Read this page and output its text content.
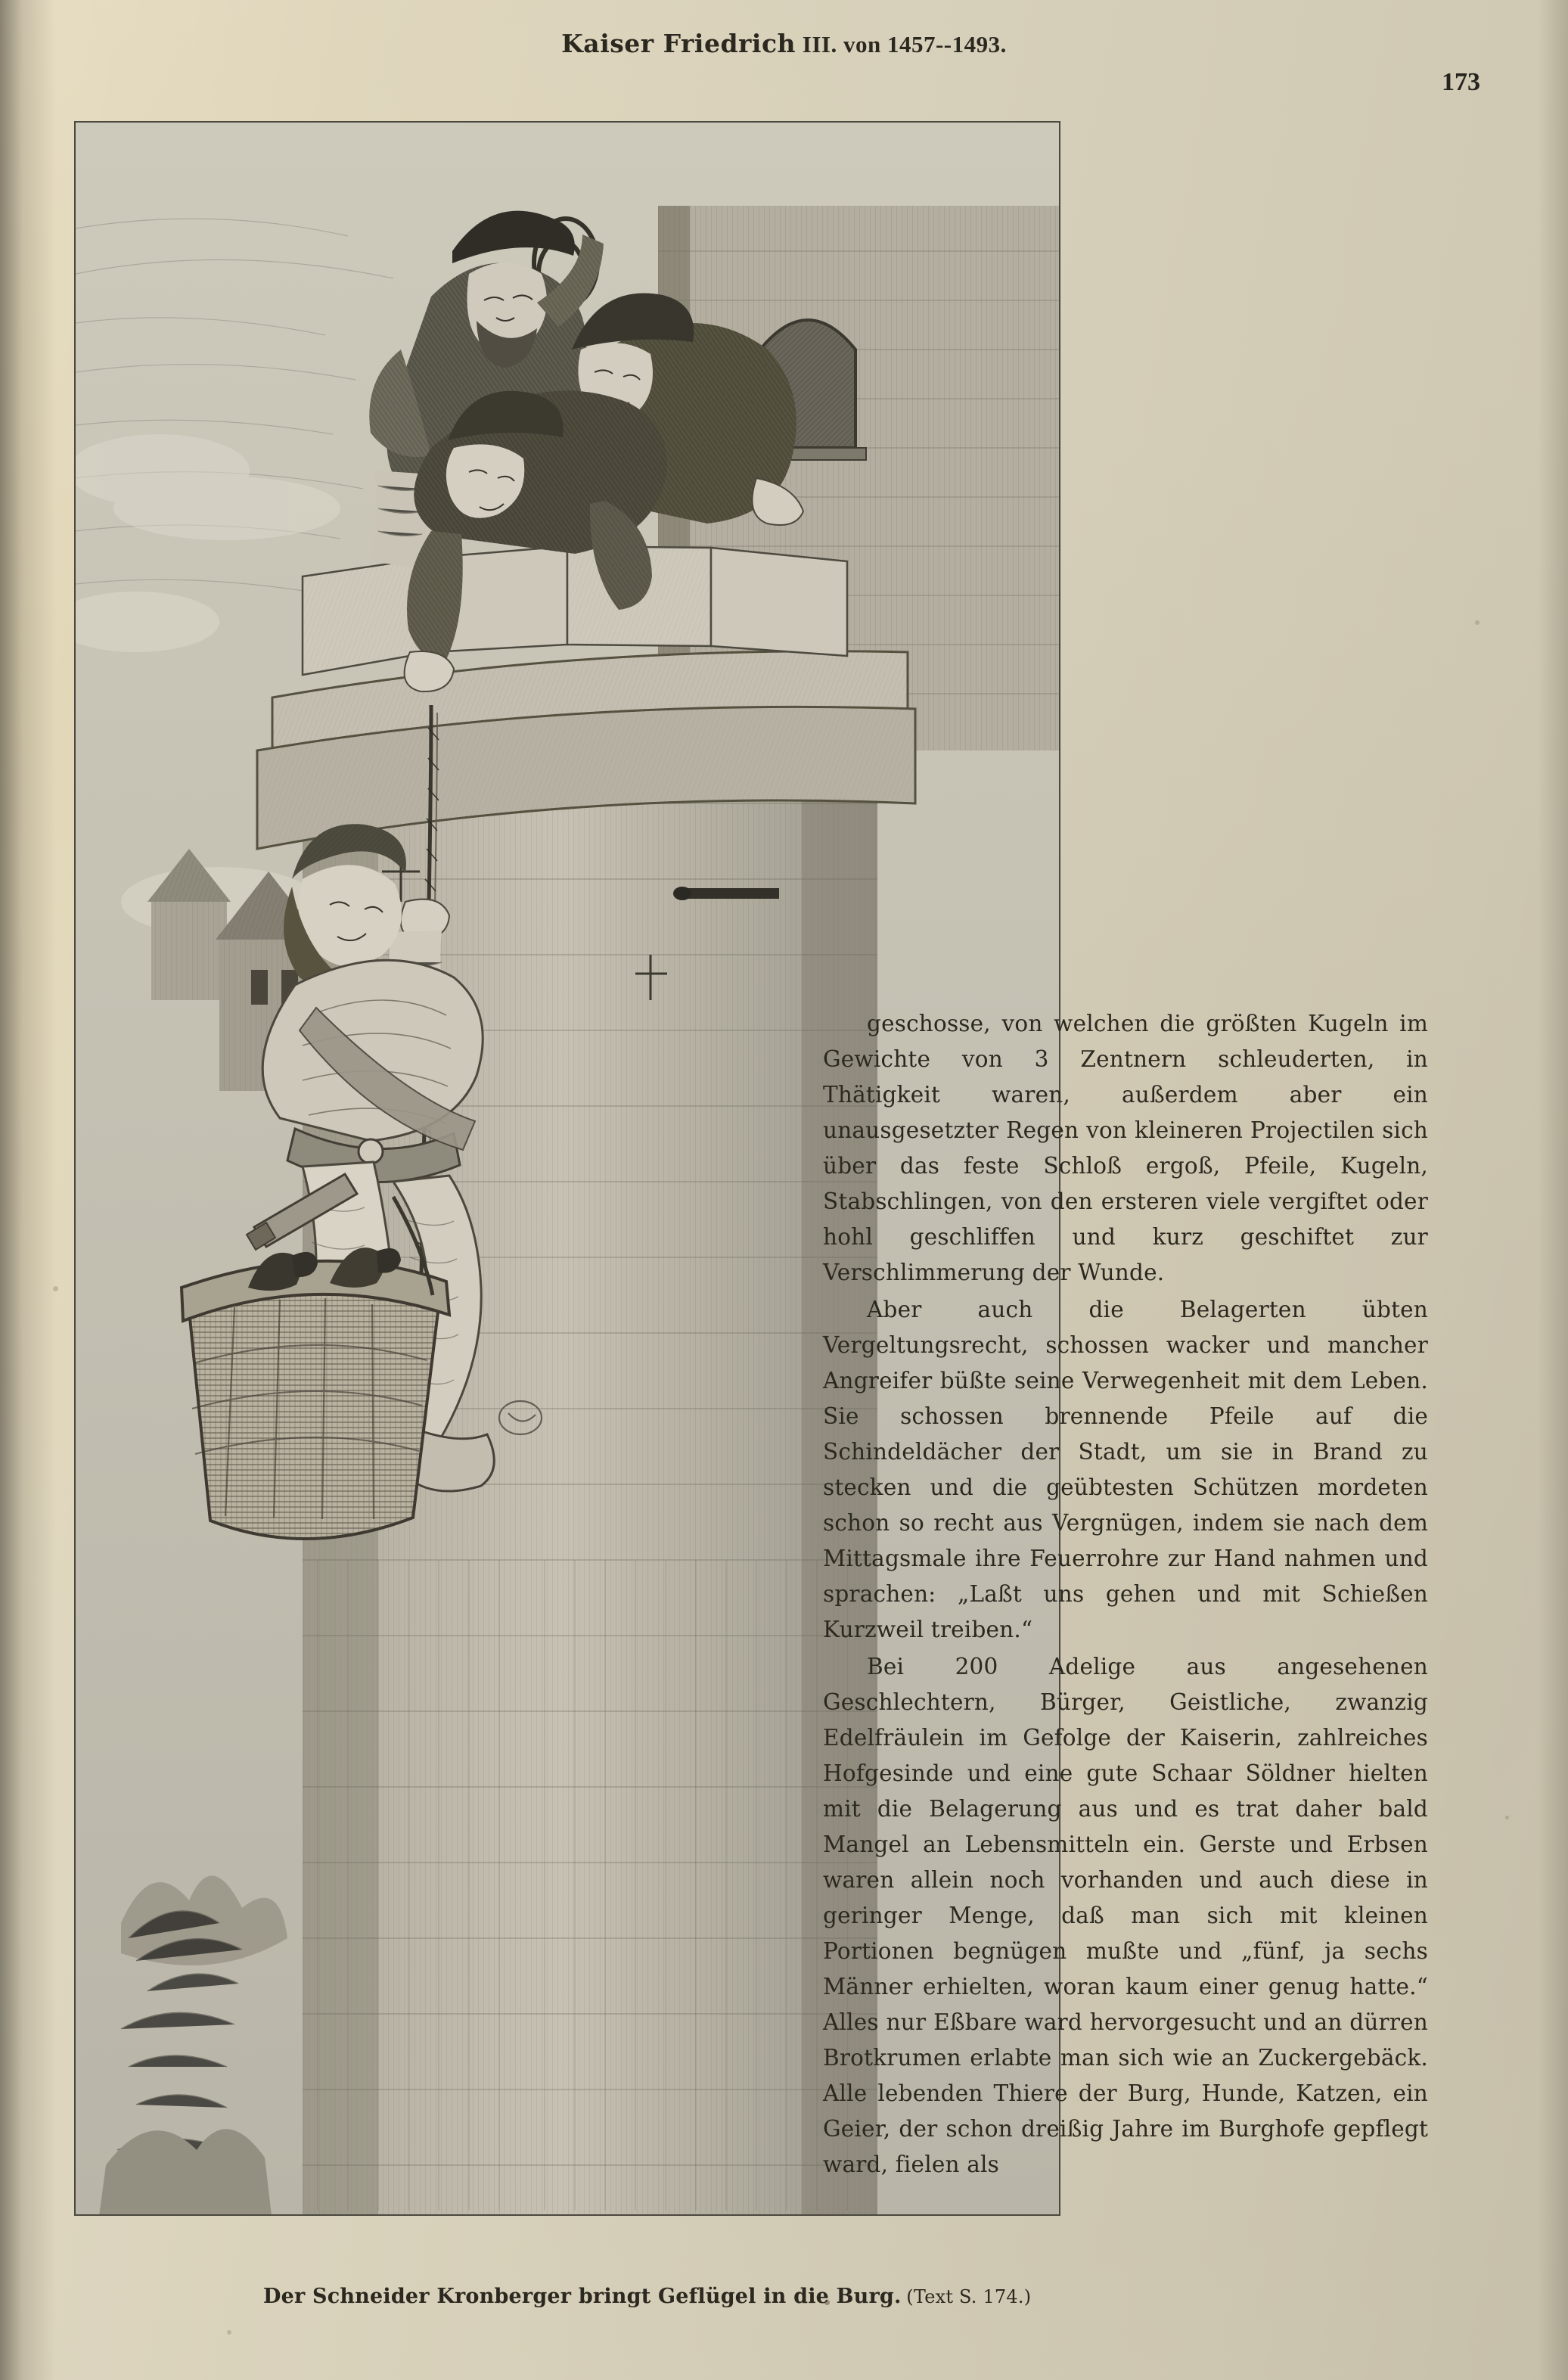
Kaiser Friedrich III. von 1457--1493.
173
Der Schneider Kronberger bringt Geflügel in die Burg. (Text S. 174.)

geschosse, von welchen die größten Kugeln im Gewichte von 3 Zentnern schleuderten, in Thätigkeit waren, außerdem aber ein unausgesetzter Regen von kleineren Projectilen sich über das feste Schloß ergoß, Pfeile, Kugeln, Stabschlingen, von den ersteren viele vergiftet oder hohl geschliffen und kurz geschiftet zur Verschlimmerung der Wunde.

Aber auch die Belagerten übten Vergeltungsrecht, schossen wacker und mancher Angreifer büßte seine Verwegenheit mit dem Leben. Sie schossen brennende Pfeile auf die Schindeldächer der Stadt, um sie in Brand zu stecken und die geübtesten Schützen mordeten schon so recht aus Vergnügen, indem sie nach dem Mittagsmale ihre Feuerrohre zur Hand nahmen und sprachen: „Laßt uns gehen und mit Schießen Kurzweil treiben.“

Bei 200 Adelige aus angesehenen Geschlechtern, Bürger, Geistliche, zwanzig Edelfräulein im Gefolge der Kaiserin, zahlreiches Hofgesinde und eine gute Schaar Söldner hielten mit die Belagerung aus und es trat daher bald Mangel an Lebensmitteln ein. Gerste und Erbsen waren allein noch vorhanden und auch diese in geringer Menge, daß man sich mit kleinen Portionen begnügen mußte und „fünf, ja sechs Männer erhielten, woran kaum einer genug hatte.“ Alles nur Eßbare ward hervorgesucht und an dürren Brotkrumen erlabte man sich wie an Zuckergebäck. Alle lebenden Thiere der Burg, Hunde, Katzen, ein Geier, der schon dreißig Jahre im Burghofe gepflegt ward, fielen als
